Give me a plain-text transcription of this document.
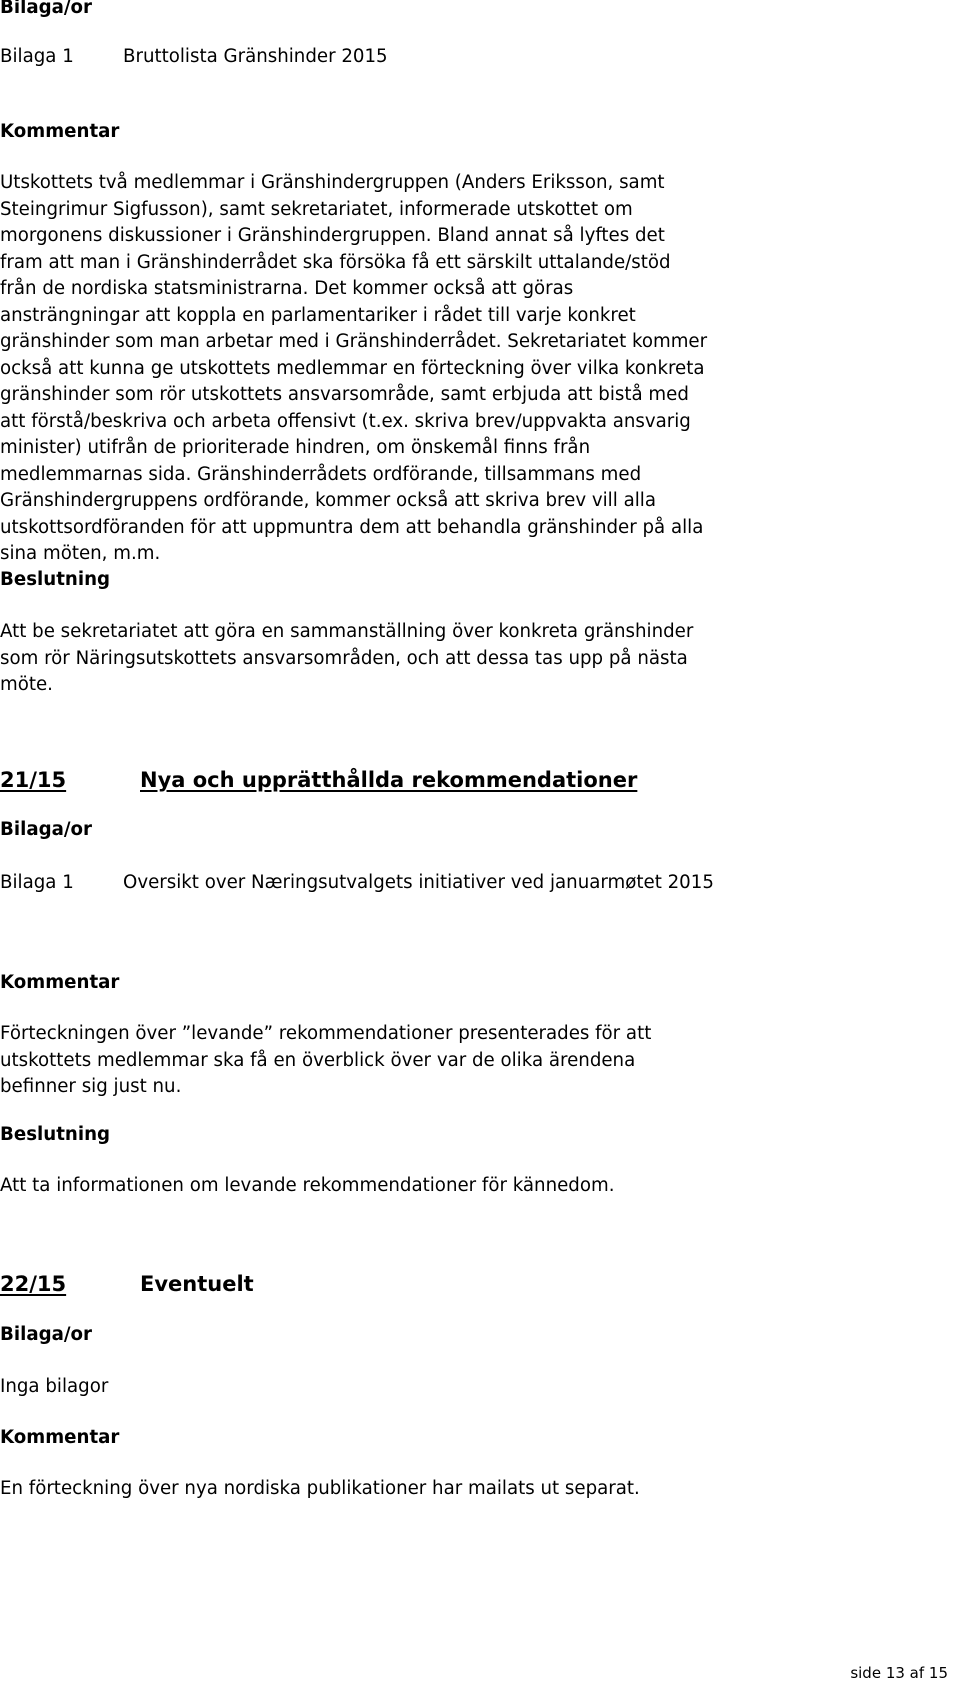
Bilaga/or
Bilaga 1	Bruttolista Gränshinder 2015
Kommentar
Utskottets två medlemmar i Gränshindergruppen (Anders Eriksson, samt
Steingrimur Sigfusson), samt sekretariatet, informerade utskottet om
morgonens diskussioner i Gränshindergruppen. Bland annat så lyftes det
fram att man i Gränshinderrådet ska försöka få ett särskilt uttalande/stöd
från de nordiska statsministrarna. Det kommer också att göras
ansträngningar att koppla en parlamentariker i rådet till varje konkret
gränshinder som man arbetar med i Gränshinderrådet. Sekretariatet kommer
också att kunna ge utskottets medlemmar en förteckning över vilka konkreta
gränshinder som rör utskottets ansvarsområde, samt erbjuda att bistå med
att förstå/beskriva och arbeta offensivt (t.ex. skriva brev/uppvakta ansvarig
minister) utifrån de prioriterade hindren, om önskemål finns från
medlemmarnas sida. Gränshinderrådets ordförande, tillsammans med
Gränshindergruppens ordförande, kommer också att skriva brev vill alla
utskottsordföranden för att uppmuntra dem att behandla gränshinder på alla
sina möten, m.m.
Beslutning
Att be sekretariatet att göra en sammanställning över konkreta gränshinder
som rör Näringsutskottets ansvarsområden, och att dessa tas upp på nästa
möte.
21/15	Nya och upprätthållda rekommendationer
Bilaga/or
Bilaga 1	Oversikt over Næringsutvalgets initiativer ved januarmøtet 2015
Kommentar
Förteckningen över ”levande” rekommendationer presenterades för att
utskottets medlemmar ska få en överblick över var de olika ärendena
befinner sig just nu.
Beslutning
Att ta informationen om levande rekommendationer för kännedom.
22/15	Eventuelt
Bilaga/or
Inga bilagor
Kommentar
En förteckning över nya nordiska publikationer har mailats ut separat.
side 13 af 15
